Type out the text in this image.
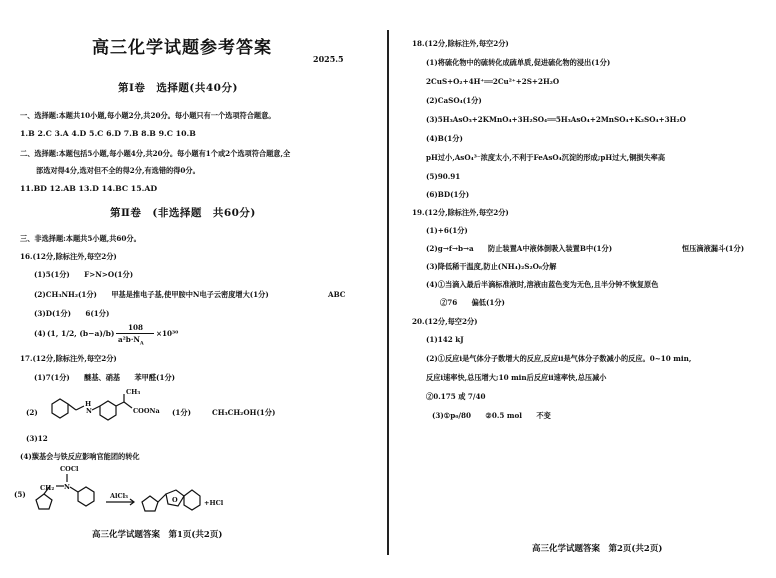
高三化学试题参考答案
2025.5
第Ⅰ卷　选择题(共40分)
一、选择题:本题共10小题,每小题2分,共20分。每小题只有一个选项符合题意。
1.B 2.C 3.A 4.D 5.C 6.D 7.B 8.B 9.C 10.B
二、选择题:本题包括5小题,每小题4分,共20分。每小题有1个或2个选项符合题意,全
部选对得4分,选对但不全的得2分,有选错的得0分。
11.BD 12.AB 13.D 14.BC 15.AD
第Ⅱ卷　(非选择题　共60分)
三、非选择题:本题共5小题,共60分。
16.(12分,除标注外,每空2分)
(1)5(1分)　　F>N>O(1分)
(2)CH₃NH₂(1分)　　甲基是推电子基,使甲胺中N电子云密度增大(1分)	ABC
(3)D(1分)　　6(1分)
(4) (1, 1/2, (b−a)/b)
108
$a^2b\cdot N_A$
×10³⁰
17.(12分,除标注外,每空2分)
(1)7(1分)　　醚基、硝基　　苯甲醛(1分)
(2)
H
N
CH₃
COONa (1分)	CH₃CH₂OH(1分)
(3)12
(4)羰基会与铁反应影响官能团的转化
(5)
CH₂ N
COCl
AlCl₃	O	+HCl
高三化学试题答案　第1页(共2页)
18.(12分,除标注外,每空2分)
(1)将硫化物中的硫转化成硫单质,促进硫化物的浸出(1分)
2CuS+O₂+4H⁺══2Cu²⁺+2S+2H₂O
(2)CaSO₄(1分)
(3)5H₃AsO₃+2KMnO₄+3H₂SO₄══5H₃AsO₄+2MnSO₄+K₂SO₄+3H₂O
(4)B(1分)
pH过小,AsO₄³⁻浓度太小,不利于FeAsO₄沉淀的形成;pH过大,铜损失率高
(5)90.91
(6)BD(1分)
19.(12分,除标注外,每空2分)
(1)+6(1分)
(2)g→f→b→a　　防止装置A中液体倒吸入装置B中(1分)	恒压滴液漏斗(1分)
(3)降低稀干温度,防止(NH₄)₂S₂O₈分解
(4)①当滴入最后半滴标准液时,溶液由蓝色变为无色,且半分钟不恢复原色
②76　　偏低(1分)
20.(12分,每空2分)
(1)142 kJ
(2)①反应i是气体分子数增大的反应,反应ii是气体分子数减小的反应。0~10 min,
反应i速率快,总压增大;10 min后反应ii速率快,总压减小
②0.175 或 7/40
(3)①p₀/80　　②0.5 mol　　不变
高三化学试题答案　第2页(共2页)
